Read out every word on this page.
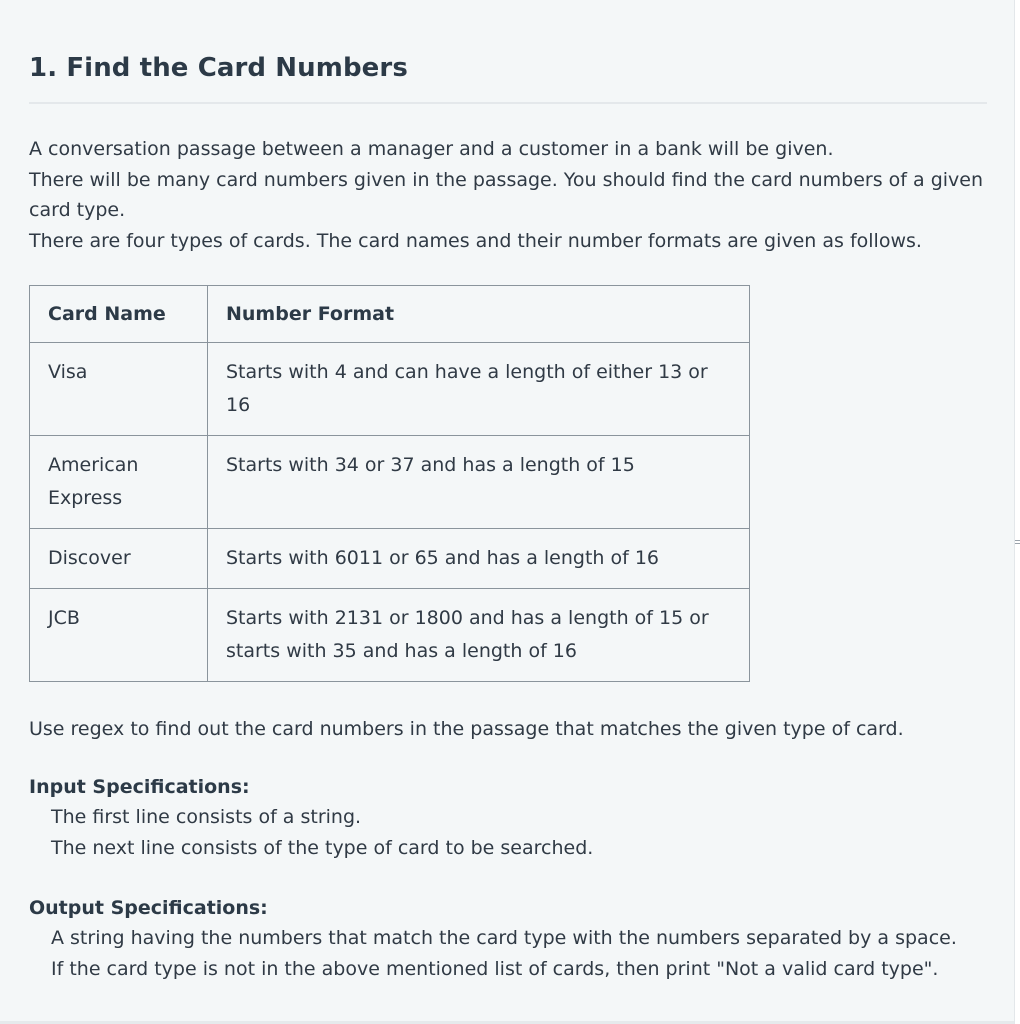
1. Find the Card Numbers

A conversation passage between a manager and a customer in a bank will be given.

There will be many card numbers given in the passage. You should find the card numbers of a given card type.

There are four types of cards. The card names and their number formats are given as follows.

Card Name	Number Format
Visa	Starts with 4 and can have a length of either 13 or 16
American Express	Starts with 34 or 37 and has a length of 15
Discover	Starts with 6011 or 65 and has a length of 16
JCB	Starts with 2131 or 1800 and has a length of 15 or starts with 35 and has a length of 16
Use regex to find out the card numbers in the passage that matches the given type of card.
Input Specifications:
The first line consists of a string.
The next line consists of the type of card to be searched.
Output Specifications:
A string having the numbers that match the card type with the numbers separated by a space.
If the card type is not in the above mentioned list of cards, then print "Not a valid card type".
